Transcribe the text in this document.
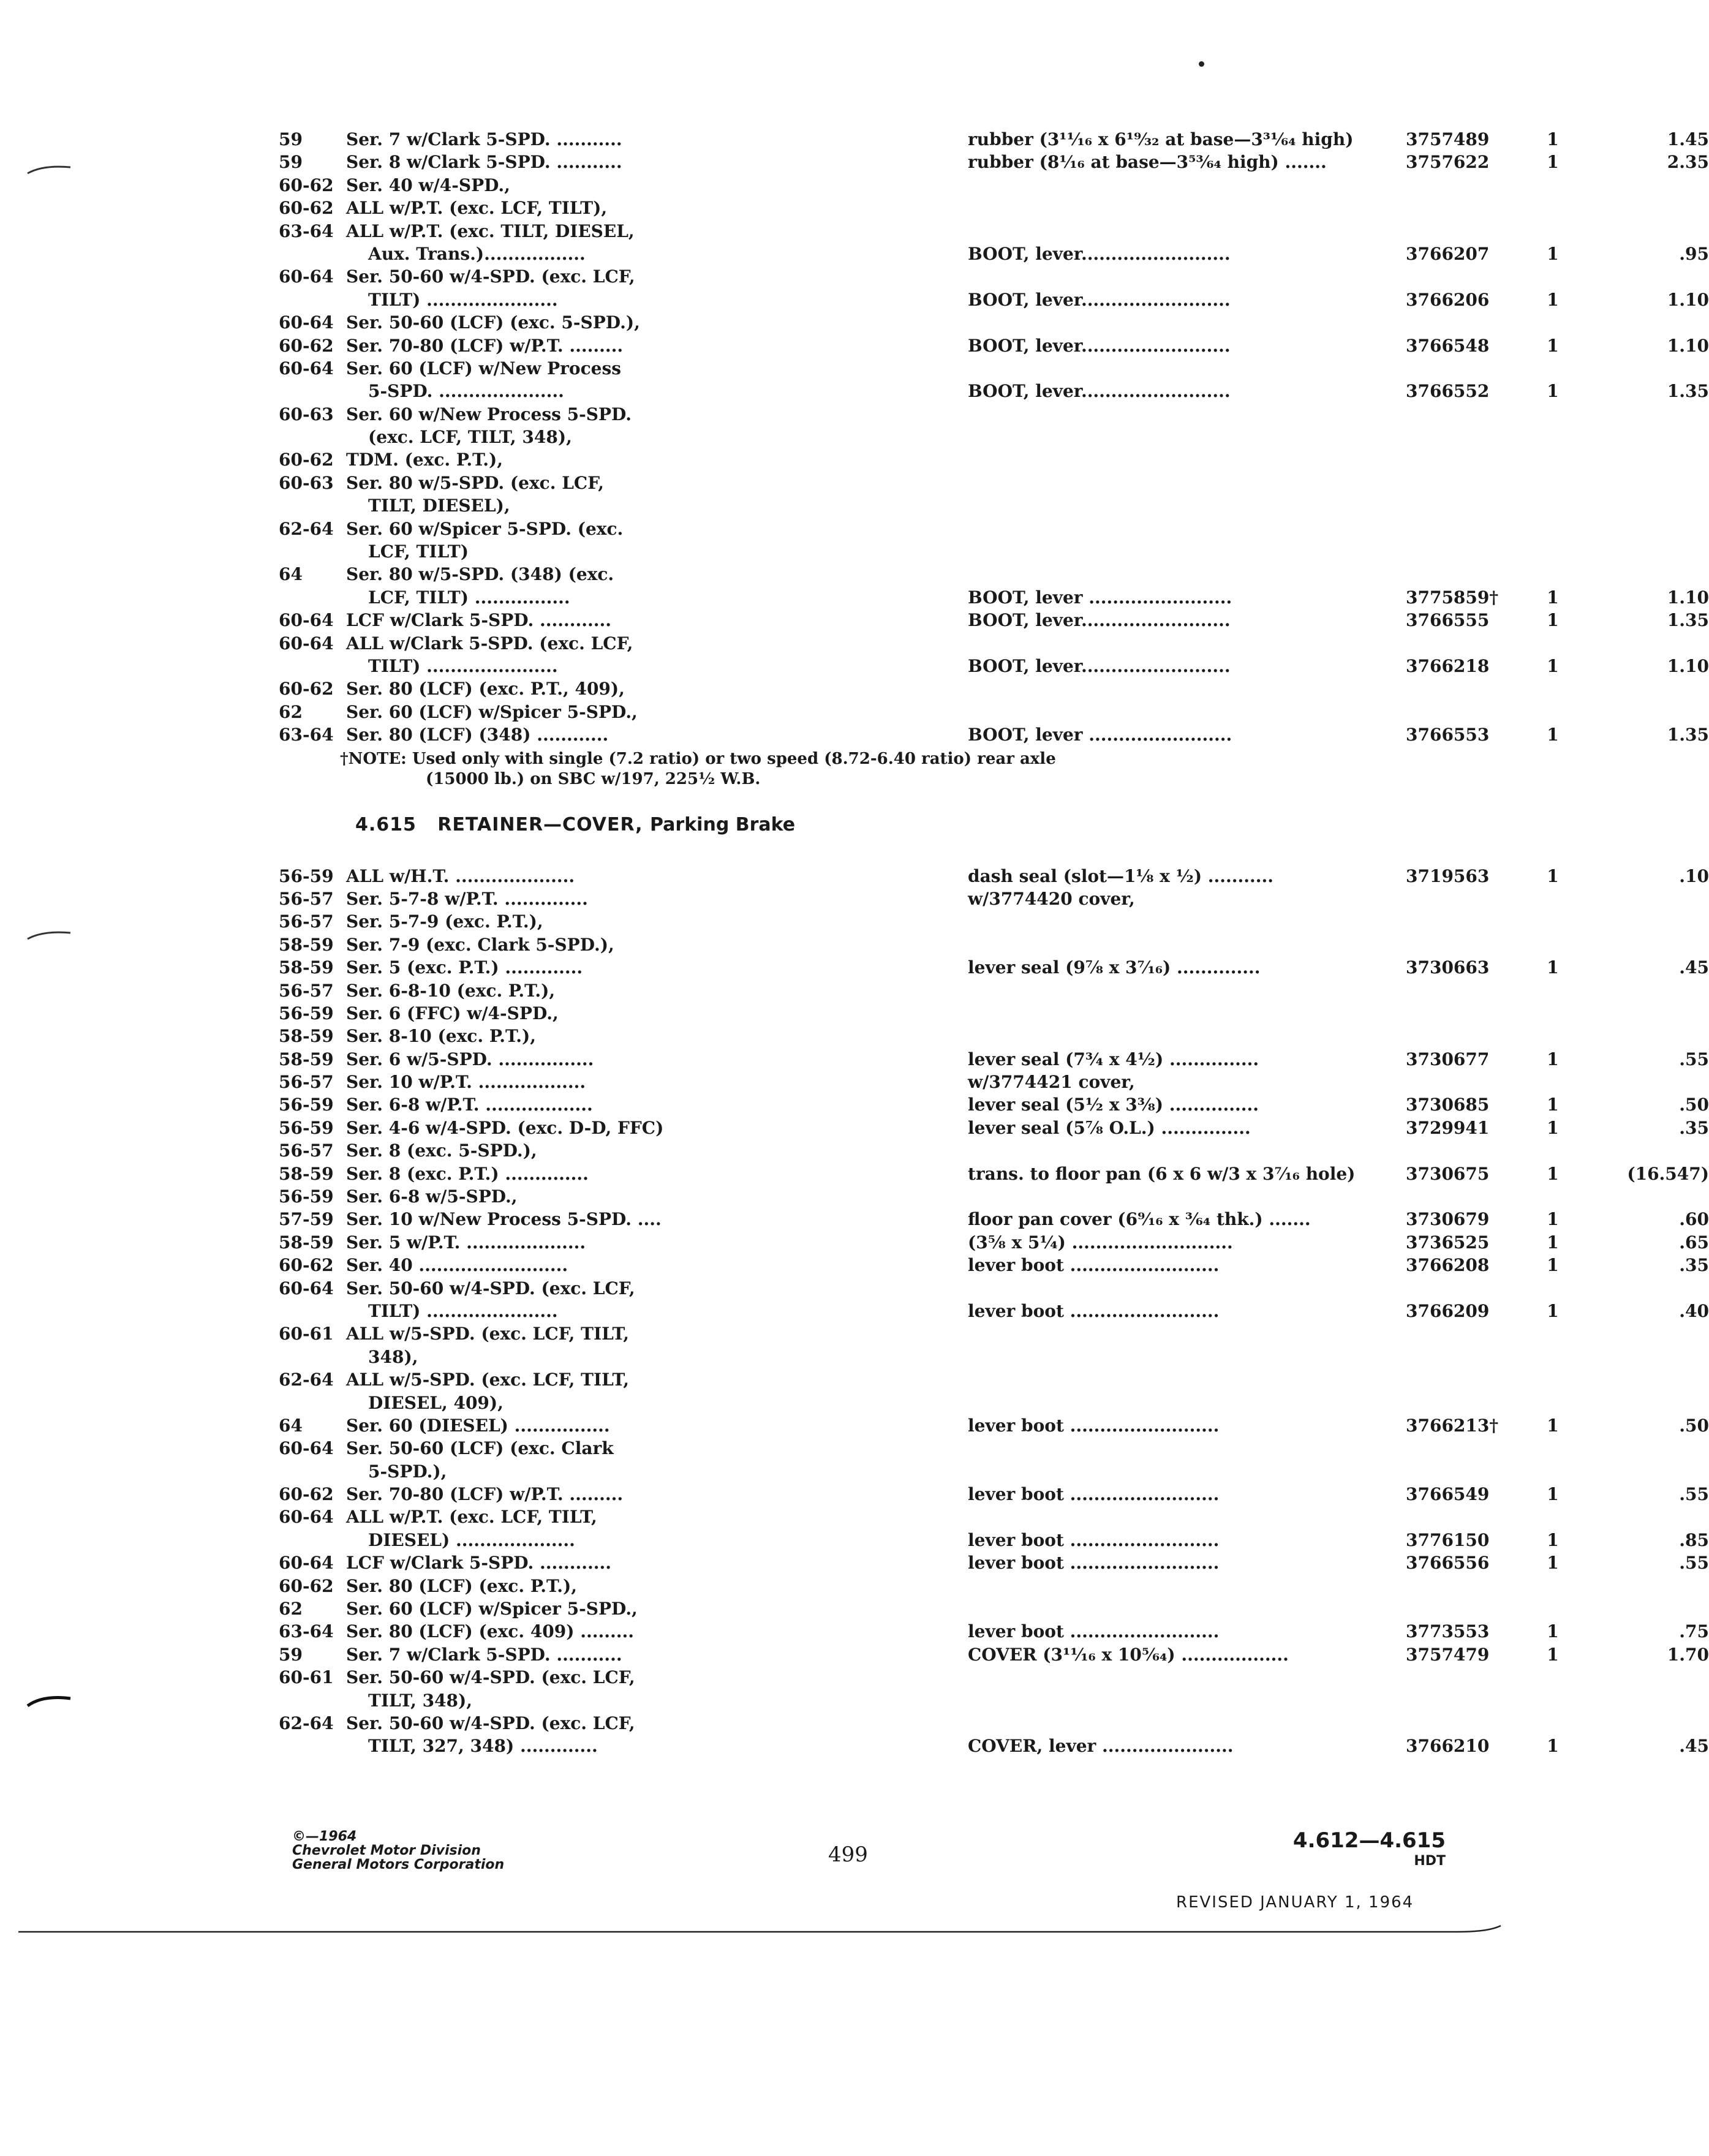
59	Ser. 7 w/Clark 5-SPD. ...........	rubber (3¹¹⁄₁₆ x 6¹⁹⁄₃₂ at base—3³¹⁄₆₄ high)	3757489	1	1.45
59	Ser. 8 w/Clark 5-SPD. ...........	rubber (8¹⁄₁₆ at base—3⁵³⁄₆₄ high) .......	3757622	1	2.35
60-62 Ser. 40 w/4-SPD.,
60-62 ALL w/P.T. (exc. LCF, TILT),
63-64 ALL w/P.T. (exc. TILT, DIESEL,
Aux. Trans.).................	BOOT, lever.........................	3766207	1	.95
60-64 Ser. 50-60 w/4-SPD. (exc. LCF,
TILT) ......................	BOOT, lever.........................	3766206	1	1.10
60-64 Ser. 50-60 (LCF) (exc. 5-SPD.),
60-62 Ser. 70-80 (LCF) w/P.T. .........	BOOT, lever.........................	3766548	1	1.10
60-64 Ser. 60 (LCF) w/New Process
5-SPD. .....................	BOOT, lever.........................	3766552	1	1.35
60-63 Ser. 60 w/New Process 5-SPD.
(exc. LCF, TILT, 348),
60-62 TDM. (exc. P.T.),
60-63 Ser. 80 w/5-SPD. (exc. LCF,
TILT, DIESEL),
62-64 Ser. 60 w/Spicer 5-SPD. (exc.
LCF, TILT)
64	Ser. 80 w/5-SPD. (348) (exc.
LCF, TILT) ................	BOOT, lever ........................	3775859†	1	1.10
60-64 LCF w/Clark 5-SPD. ............	BOOT, lever.........................	3766555	1	1.35
60-64 ALL w/Clark 5-SPD. (exc. LCF,
TILT) ......................	BOOT, lever.........................	3766218	1	1.10
60-62 Ser. 80 (LCF) (exc. P.T., 409),
62	Ser. 60 (LCF) w/Spicer 5-SPD.,
63-64 Ser. 80 (LCF) (348) ............	BOOT, lever ........................	3766553	1	1.35
†NOTE: Used only with single (7.2 ratio) or two speed (8.72-6.40 ratio) rear axle
(15000 lb.) on SBC w/197, 225½ W.B.
4.615 RETAINER—COVER, Parking Brake
56-59 ALL w/H.T. ....................	dash seal (slot—1⅛ x ½) ...........	3719563	1	.10
56-57 Ser. 5-7-8 w/P.T. ..............	w/3774420 cover,
56-57 Ser. 5-7-9 (exc. P.T.),
58-59 Ser. 7-9 (exc. Clark 5-SPD.),
58-59 Ser. 5 (exc. P.T.) .............	lever seal (9⅞ x 3⁷⁄₁₆) ..............	3730663	1	.45
56-57 Ser. 6-8-10 (exc. P.T.),
56-59 Ser. 6 (FFC) w/4-SPD.,
58-59 Ser. 8-10 (exc. P.T.),
58-59 Ser. 6 w/5-SPD. ................	lever seal (7¾ x 4½) ...............	3730677	1	.55
56-57 Ser. 10 w/P.T. ..................	w/3774421 cover,
56-59 Ser. 6-8 w/P.T. ..................	lever seal (5½ x 3⅜) ...............	3730685	1	.50
56-59 Ser. 4-6 w/4-SPD. (exc. D-D, FFC)	lever seal (5⅞ O.L.) ...............	3729941	1	.35
56-57 Ser. 8 (exc. 5-SPD.),
58-59 Ser. 8 (exc. P.T.) ..............	trans. to floor pan (6 x 6 w/3 x 3⁷⁄₁₆ hole)	3730675	1	(16.547)
56-59 Ser. 6-8 w/5-SPD.,
57-59 Ser. 10 w/New Process 5-SPD. ....	floor pan cover (6⁹⁄₁₆ x ³⁄₆₄ thk.) .......	3730679	1	.60
58-59 Ser. 5 w/P.T. ....................	(3⅝ x 5¼) ...........................	3736525	1	.65
60-62 Ser. 40 .........................	lever boot .........................	3766208	1	.35
60-64 Ser. 50-60 w/4-SPD. (exc. LCF,
TILT) ......................	lever boot .........................	3766209	1	.40
60-61 ALL w/5-SPD. (exc. LCF, TILT,
348),
62-64 ALL w/5-SPD. (exc. LCF, TILT,
DIESEL, 409),
64	Ser. 60 (DIESEL) ................	lever boot .........................	3766213†	1	.50
60-64 Ser. 50-60 (LCF) (exc. Clark
5-SPD.),
60-62 Ser. 70-80 (LCF) w/P.T. .........	lever boot .........................	3766549	1	.55
60-64 ALL w/P.T. (exc. LCF, TILT,
DIESEL) ....................	lever boot .........................	3776150	1	.85
60-64 LCF w/Clark 5-SPD. ............	lever boot .........................	3766556	1	.55
60-62 Ser. 80 (LCF) (exc. P.T.),
62	Ser. 60 (LCF) w/Spicer 5-SPD.,
63-64 Ser. 80 (LCF) (exc. 409) .........	lever boot .........................	3773553	1	.75
59	Ser. 7 w/Clark 5-SPD. ...........	COVER (3¹¹⁄₁₆ x 10⁵⁄₆₄) ..................	3757479	1	1.70
60-61 Ser. 50-60 w/4-SPD. (exc. LCF,
TILT, 348),
62-64 Ser. 50-60 w/4-SPD. (exc. LCF,
TILT, 327, 348) .............	COVER, lever ......................	3766210	1	.45
©—1964
Chevrolet Motor Division
General Motors Corporation	499
4.612—4.615
HDT
REVISED JANUARY 1, 1964
